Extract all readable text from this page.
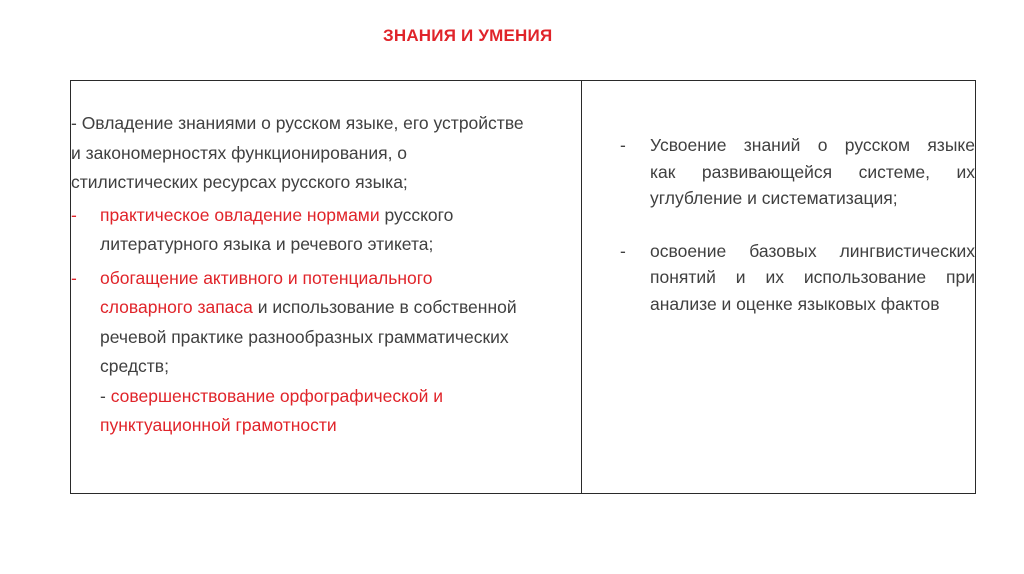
ЗНАНИЯ И УМЕНИЯ
- Овладение знаниями о русском языке, его устройстве
и закономерностях функционирования, о
стилистических ресурсах русского языка;
- практическое овладение нормами русского
литературного языка и речевого этикета;
- обогащение активного и потенциального
словарного запаса и использование в собственной
речевой практике разнообразных грамматических
средств;
- совершенствование орфографической и
пунктуационной грамотности
- Усвоение знаний о русском языке
как развивающейся системе, их
углубление и систематизация;
- освоение базовых лингвистических
понятий и их использование при
анализе и оценке языковых фактов
